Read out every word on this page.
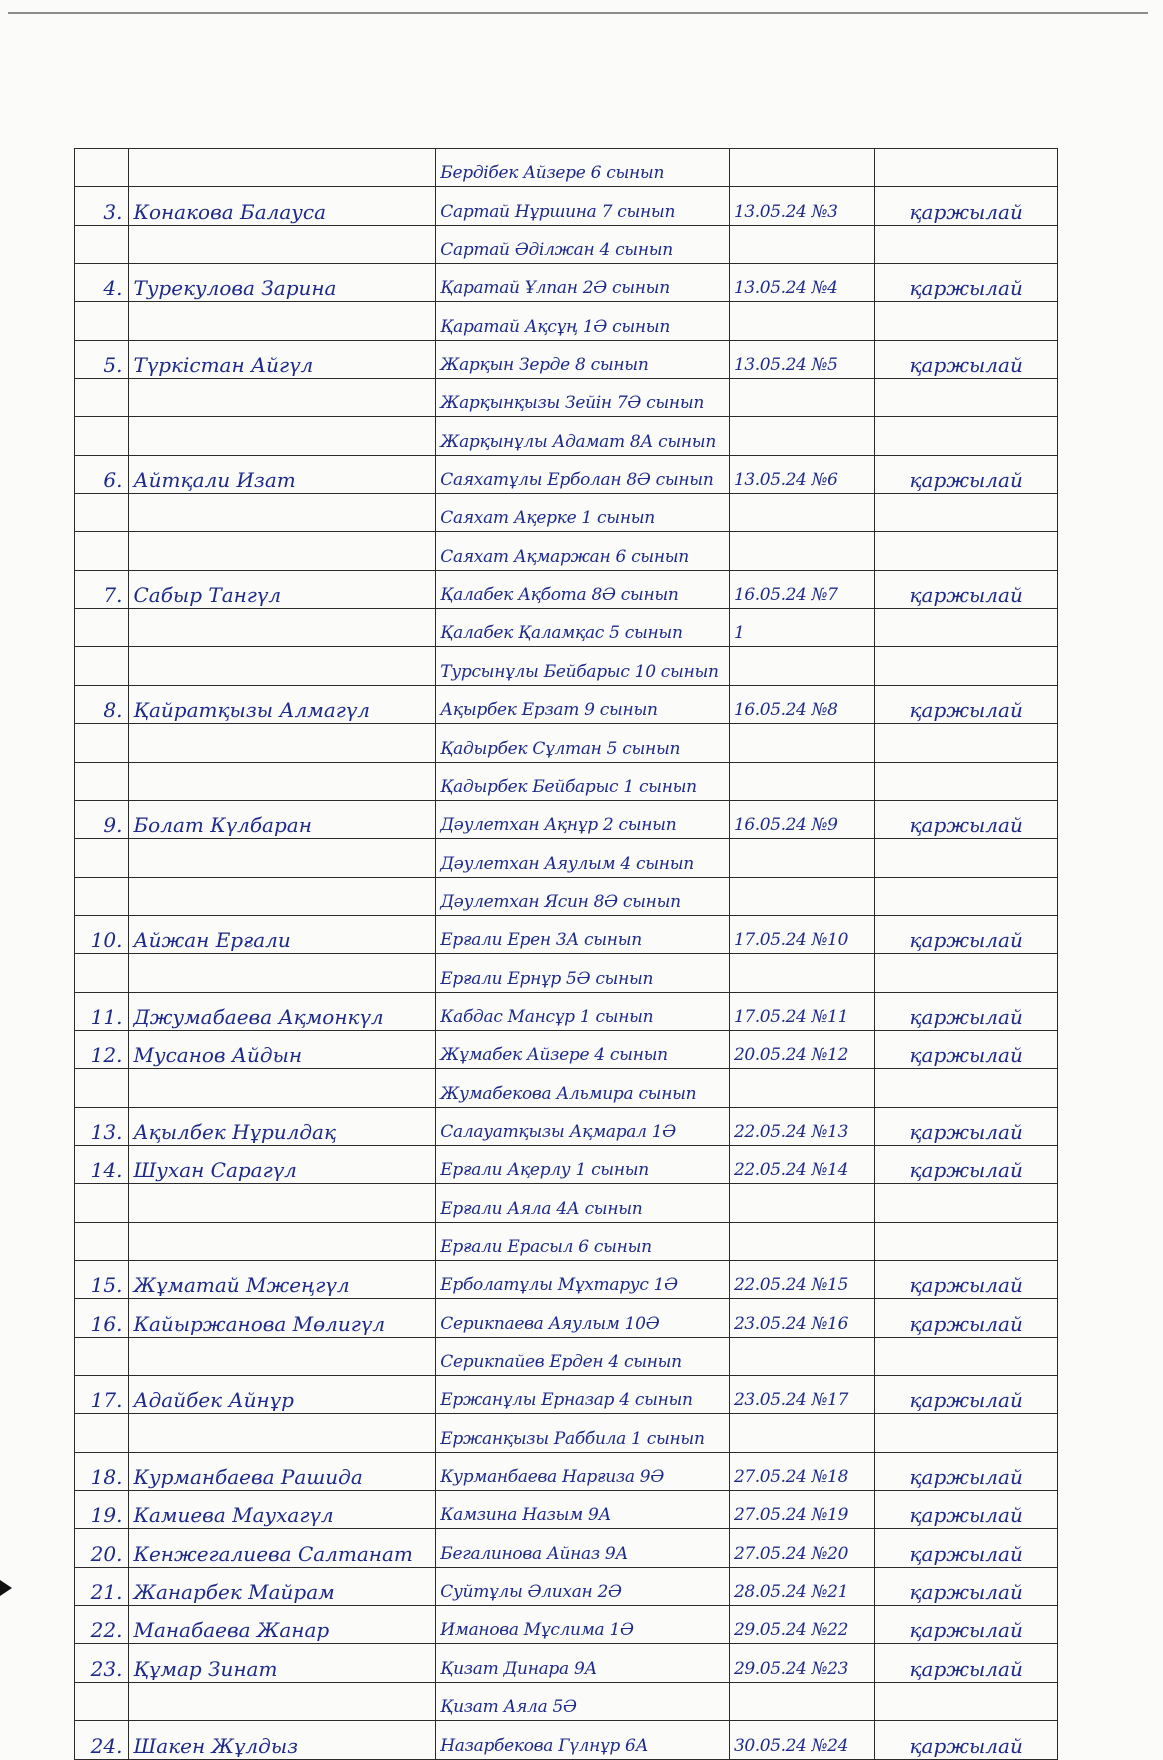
		Бердібек Айзере 6 сынып		
3.	Конакова Балауса	Сартай Нұршина 7 сынып	13.05.24 №3	қаржылай
		Сартай Әділжан 4 сынып		
4.	Турекулова Зарина	Қаратай Ұлпан 2Ә сынып	13.05.24 №4	қаржылай
		Қаратай Ақсұң 1Ә сынып		
5.	Түркістан Айгүл	Жарқын Зерде 8 сынып	13.05.24 №5	қаржылай
		Жарқынқызы Зейін 7Ә сынып		
		Жарқынұлы Адамат 8А сынып		
6.	Айтқали Изат	Саяхатұлы Ерболан 8Ә сынып	13.05.24 №6	қаржылай
		Саяхат Ақерке 1 сынып		
		Саяхат Ақмаржан 6 сынып		
7.	Сабыр Тангүл	Қалабек Ақбота 8Ә сынып	16.05.24 №7	қаржылай
		Қалабек Қаламқас 5 сынып	1	
		Турсынұлы Бейбарыс 10 сынып		
8.	Қайратқызы Алмагүл	Ақырбек Ерзат 9 сынып	16.05.24 №8	қаржылай
		Қадырбек Сұлтан 5 сынып		
		Қадырбек Бейбарыс 1 сынып		
9.	Болат Күлбаран	Дәулетхан Ақнұр 2 сынып	16.05.24 №9	қаржылай
		Дәулетхан Аяулым 4 сынып		
		Дәулетхан Ясин 8Ә сынып		
10.	Айжан Ерғали	Ерғали Ерен 3А сынып	17.05.24 №10	қаржылай
		Ерғали Ернұр 5Ә сынып		
11.	Джумабаева Ақмонкүл	Кабдас Мансұр 1 сынып	17.05.24 №11	қаржылай
12.	Мусанов Айдын	Жұмабек Айзере 4 сынып	20.05.24 №12	қаржылай
		Жумабекова Альмира сынып		
13.	Ақылбек Нұрилдақ	Салауатқызы Ақмарал 1Ә	22.05.24 №13	қаржылай
14.	Шухан Сарагүл	Ерғали Ақерлу 1 сынып	22.05.24 №14	қаржылай
		Ерғали Аяла 4А сынып		
		Ерғали Ерасыл 6 сынып		
15.	Жұматай Мжеңгүл	Ерболатұлы Мұхтарус 1Ә	22.05.24 №15	қаржылай
16.	Кайыржанова Мөлигүл	Серикпаева Аяулым 10Ә	23.05.24 №16	қаржылай
		Серикпайев Ерден 4 сынып		
17.	Адайбек Айнұр	Ержанұлы Ерназар 4 сынып	23.05.24 №17	қаржылай
		Ержанқызы Раббила 1 сынып		
18.	Курманбаева Рашида	Курманбаева Нарғиза 9Ә	27.05.24 №18	қаржылай
19.	Камиева Маухагүл	Камзина Назым 9А	27.05.24 №19	қаржылай
20.	Кенжегалиева Салтанат	Бегалинова Айназ 9А	27.05.24 №20	қаржылай
21.	Жанарбек Майрам	Суйтұлы Әлихан 2Ә	28.05.24 №21	қаржылай
22.	Манабаева Жанар	Иманова Мұслима 1Ә	29.05.24 №22	қаржылай
23.	Құмар Зинат	Қизат Динара 9А	29.05.24 №23	қаржылай
		Қизат Аяла 5Ә		
24.	Шакен Жұлдыз	Назарбекова Гүлнұр 6А	30.05.24 №24	қаржылай
